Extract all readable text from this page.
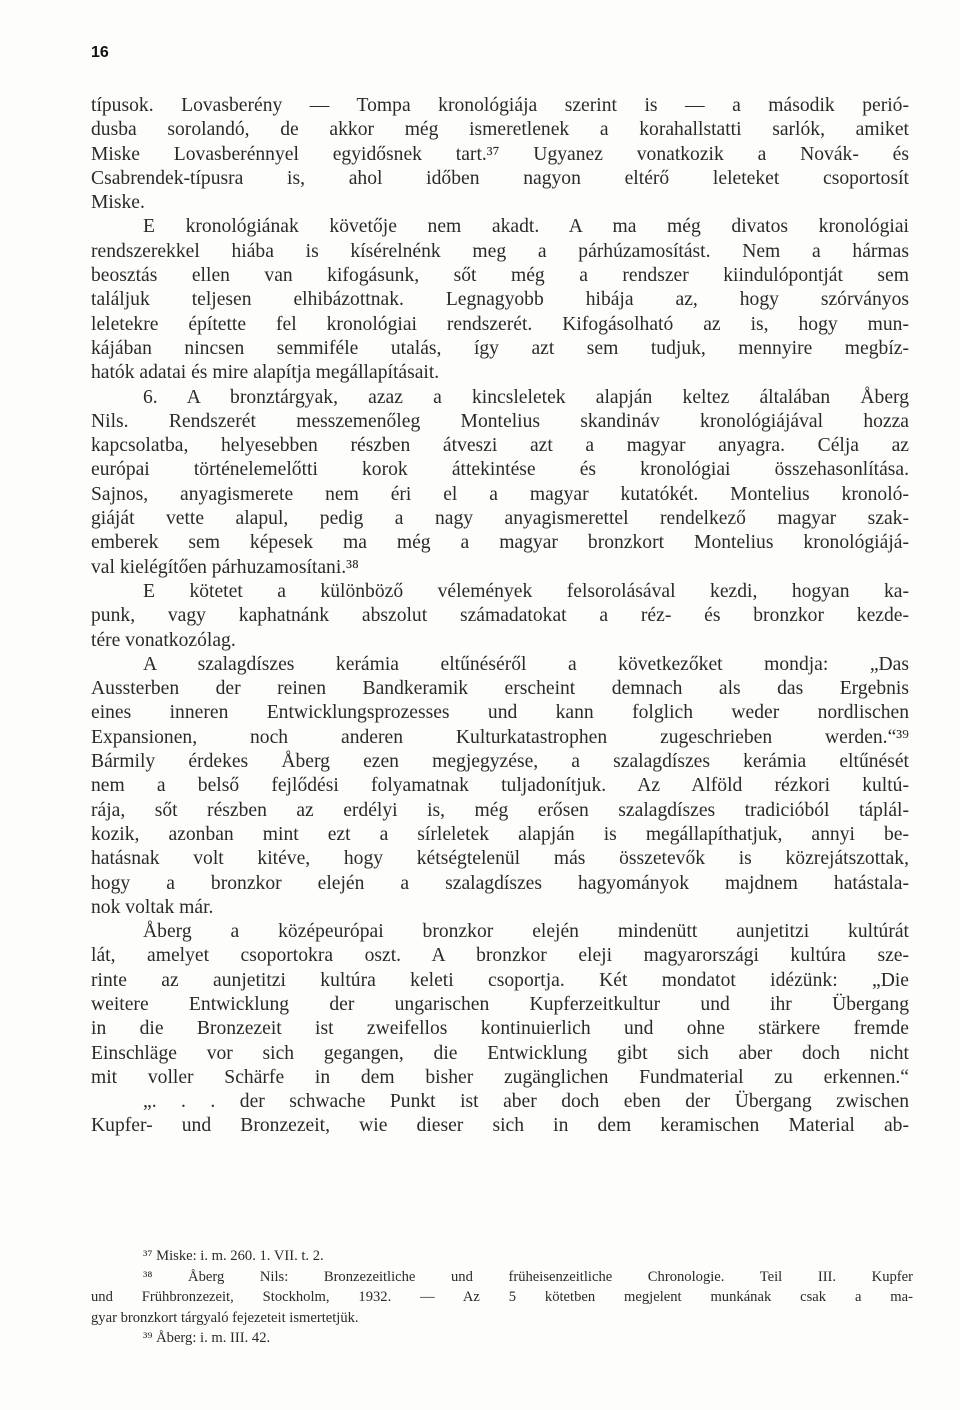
16
típusok. Lovasberény — Tompa kronológiája szerint is — a második perió-
dusba sorolandó, de akkor még ismeretlenek a korahallstatti sarlók, amiket
Miske Lovasberénnyel egyidősnek tart.³⁷ Ugyanez vonatkozik a Novák- és
Csabrendek-típusra is, ahol időben nagyon eltérő leleteket csoportosít
Miske.
E kronológiának követője nem akadt. A ma még divatos kronológiai
rendszerekkel hiába is kísérelnénk meg a párhúzamosítást. Nem a hármas
beosztás ellen van kifogásunk, sőt még a rendszer kiindulópontját sem
találjuk teljesen elhibázottnak. Legnagyobb hibája az, hogy szórványos
leletekre építette fel kronológiai rendszerét. Kifogásolható az is, hogy mun-
kájában nincsen semmiféle utalás, így azt sem tudjuk, mennyire megbíz-
hatók adatai és mire alapítja megállapításait.
6. A bronztárgyak, azaz a kincsleletek alapján keltez általában Åberg
Nils. Rendszerét messzemenőleg Montelius skandináv kronológiájával hozza
kapcsolatba, helyesebben részben átveszi azt a magyar anyagra. Célja az
európai történelemelőtti korok áttekintése és kronológiai összehasonlítása.
Sajnos, anyagismerete nem éri el a magyar kutatókét. Montelius kronoló-
giáját vette alapul, pedig a nagy anyagismerettel rendelkező magyar szak-
emberek sem képesek ma még a magyar bronzkort Montelius kronológiájá-
val kielégítően párhuzamosítani.³⁸
E kötetet a különböző vélemények felsorolásával kezdi, hogyan ka-
punk, vagy kaphatnánk abszolut számadatokat a réz- és bronzkor kezde-
tére vonatkozólag.
A szalagdíszes kerámia eltűnéséről a következőket mondja: „Das
Aussterben der reinen Bandkeramik erscheint demnach als das Ergebnis
eines inneren Entwicklungsprozesses und kann folglich weder nordlischen
Expansionen, noch anderen Kulturkatastrophen zugeschrieben werden.“³⁹
Bármily érdekes Åberg ezen megjegyzése, a szalagdíszes kerámia eltűnését
nem a belső fejlődési folyamatnak tuljadonítjuk. Az Alföld rézkori kultú-
rája, sőt részben az erdélyi is, még erősen szalagdíszes tradicióból táplál-
kozik, azonban mint ezt a sírleletek alapján is megállapíthatjuk, annyi be-
hatásnak volt kitéve, hogy kétségtelenül más összetevők is közrejátszottak,
hogy a bronzkor elején a szalagdíszes hagyományok majdnem hatástala-
nok voltak már.
Åberg a középeurópai bronzkor elején mindenütt aunjetitzi kultúrát
lát, amelyet csoportokra oszt. A bronzkor eleji magyarországi kultúra sze-
rinte az aunjetitzi kultúra keleti csoportja. Két mondatot idézünk: „Die
weitere Entwicklung der ungarischen Kupferzeitkultur und ihr Übergang
in die Bronzezeit ist zweifellos kontinuierlich und ohne stärkere fremde
Einschläge vor sich gegangen, die Entwicklung gibt sich aber doch nicht
mit voller Schärfe in dem bisher zugänglichen Fundmaterial zu erkennen.“
„. . . der schwache Punkt ist aber doch eben der Übergang zwischen
Kupfer- und Bronzezeit, wie dieser sich in dem keramischen Material ab-
³⁷ Miske: i. m. 260. 1. VII. t. 2.
³⁸ Åberg Nils: Bronzezeitliche und früheisenzeitliche Chronologie. Teil III. Kupfer
und Frühbronzezeit, Stockholm, 1932. — Az 5 kötetben megjelent munkának csak a ma-
gyar bronzkort tárgyaló fejezeteit ismertetjük.
³⁹ Åberg: i. m. III. 42.
